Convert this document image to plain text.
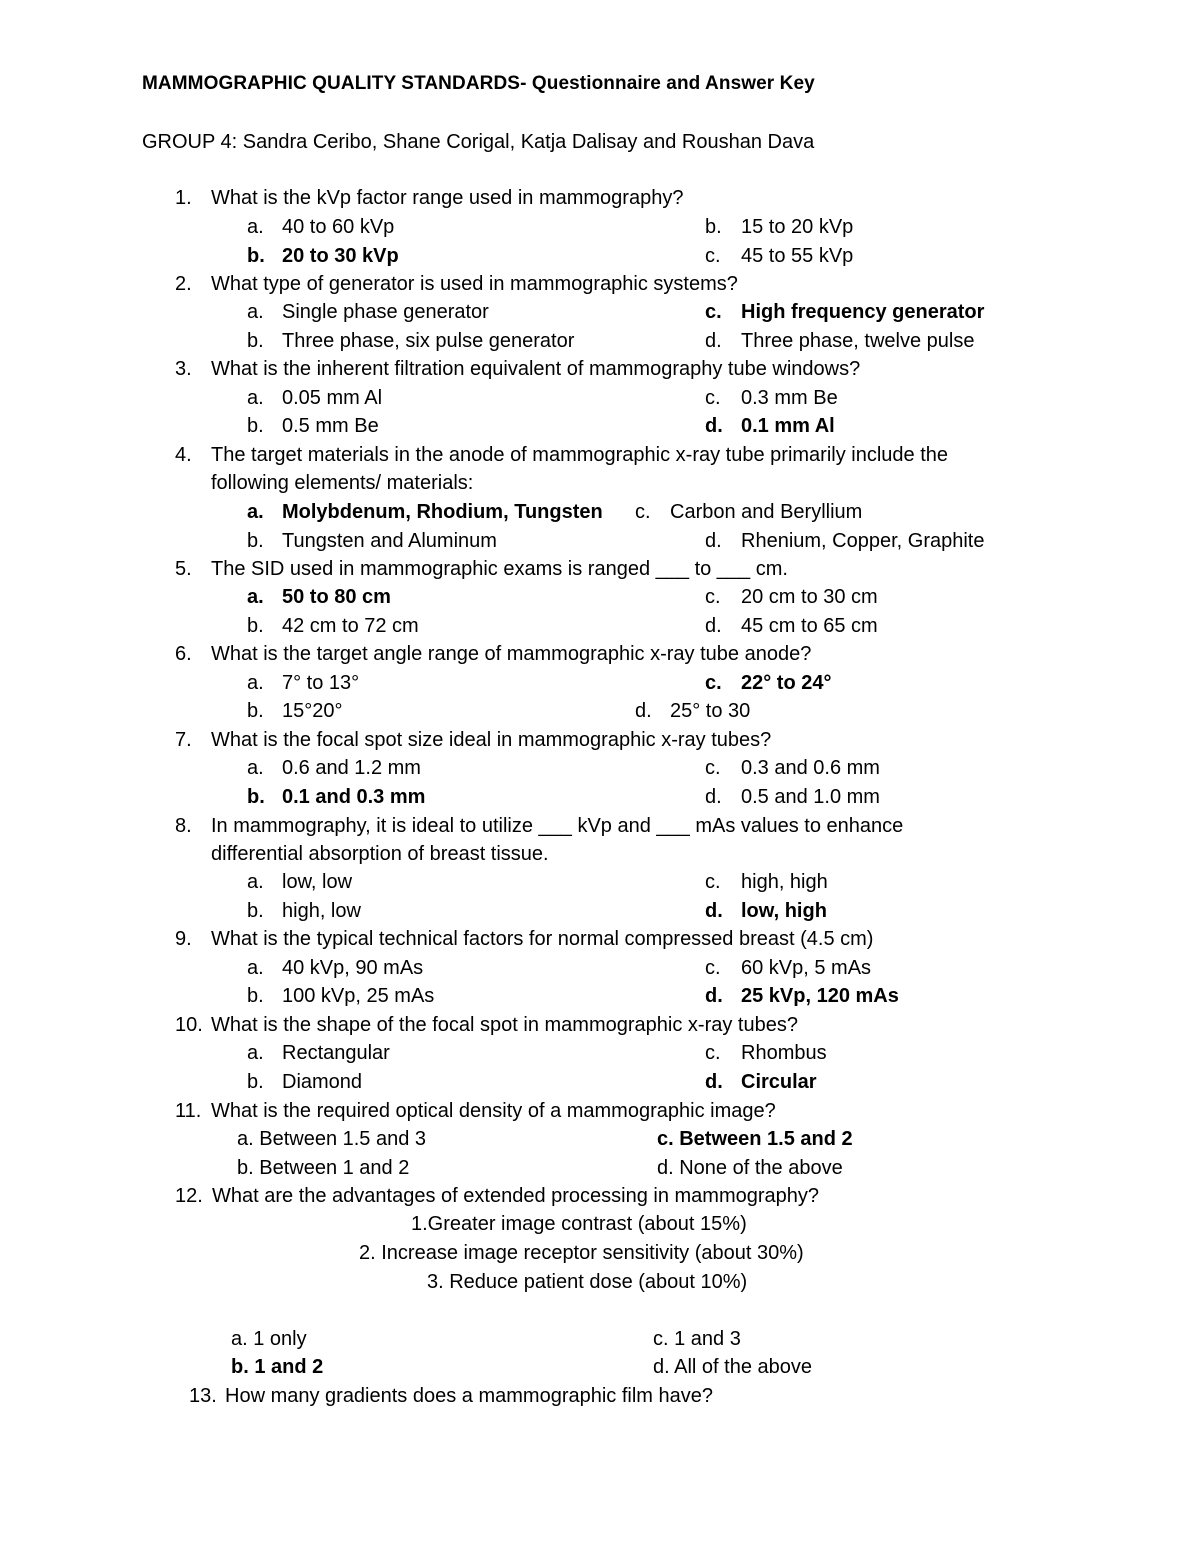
MAMMOGRAPHIC QUALITY STANDARDS- Questionnaire and Answer Key
GROUP 4: Sandra Ceribo, Shane Corigal, Katja Dalisay and Roushan Dava
1. What is the kVp factor range used in mammography?
a. 40 to 60 kVp	b. 15 to 20 kVp
b. 20 to 30 kVp	c. 45 to 55 kVp
2. What type of generator is used in mammographic systems?
a. Single phase generator	c. High frequency generator
b. Three phase, six pulse generator	d. Three phase, twelve pulse
3. What is the inherent filtration equivalent of mammography tube windows?
a. 0.05 mm Al	c. 0.3 mm Be
b. 0.5 mm Be	d. 0.1 mm Al
4. The target materials in the anode of mammographic x-ray tube primarily include the
following elements/ materials:
a. Molybdenum, Rhodium, Tungsten c. Carbon and Beryllium
b. Tungsten and Aluminum	d. Rhenium, Copper, Graphite
5. The SID used in mammographic exams is ranged ___ to ___ cm.
a. 50 to 80 cm	c. 20 cm to 30 cm
b. 42 cm to 72 cm	d. 45 cm to 65 cm
6. What is the target angle range of mammographic x-ray tube anode?
a. 7° to 13°	c. 22° to 24°
b. 15°20°	d. 25° to 30
7. What is the focal spot size ideal in mammographic x-ray tubes?
a. 0.6 and 1.2 mm	c. 0.3 and 0.6 mm
b. 0.1 and 0.3 mm	d. 0.5 and 1.0 mm
8. In mammography, it is ideal to utilize ___ kVp and ___ mAs values to enhance
differential absorption of breast tissue.
a. low, low	c. high, high
b. high, low	d. low, high
9. What is the typical technical factors for normal compressed breast (4.5 cm)
a. 40 kVp, 90 mAs	c. 60 kVp, 5 mAs
b. 100 kVp, 25 mAs	d. 25 kVp, 120 mAs
10. What is the shape of the focal spot in mammographic x-ray tubes?
a. Rectangular	c. Rhombus
b. Diamond	d. Circular
11. What is the required optical density of a mammographic image?
a. Between 1.5 and 3	c. Between 1.5 and 2
b. Between 1 and 2	d. None of the above
12. What are the advantages of extended processing in mammography?
1.Greater image contrast (about 15%)
2. Increase image receptor sensitivity (about 30%)
3. Reduce patient dose (about 10%)
a. 1 only	c. 1 and 3
b. 1 and 2	d. All of the above
13. How many gradients does a mammographic film have?
